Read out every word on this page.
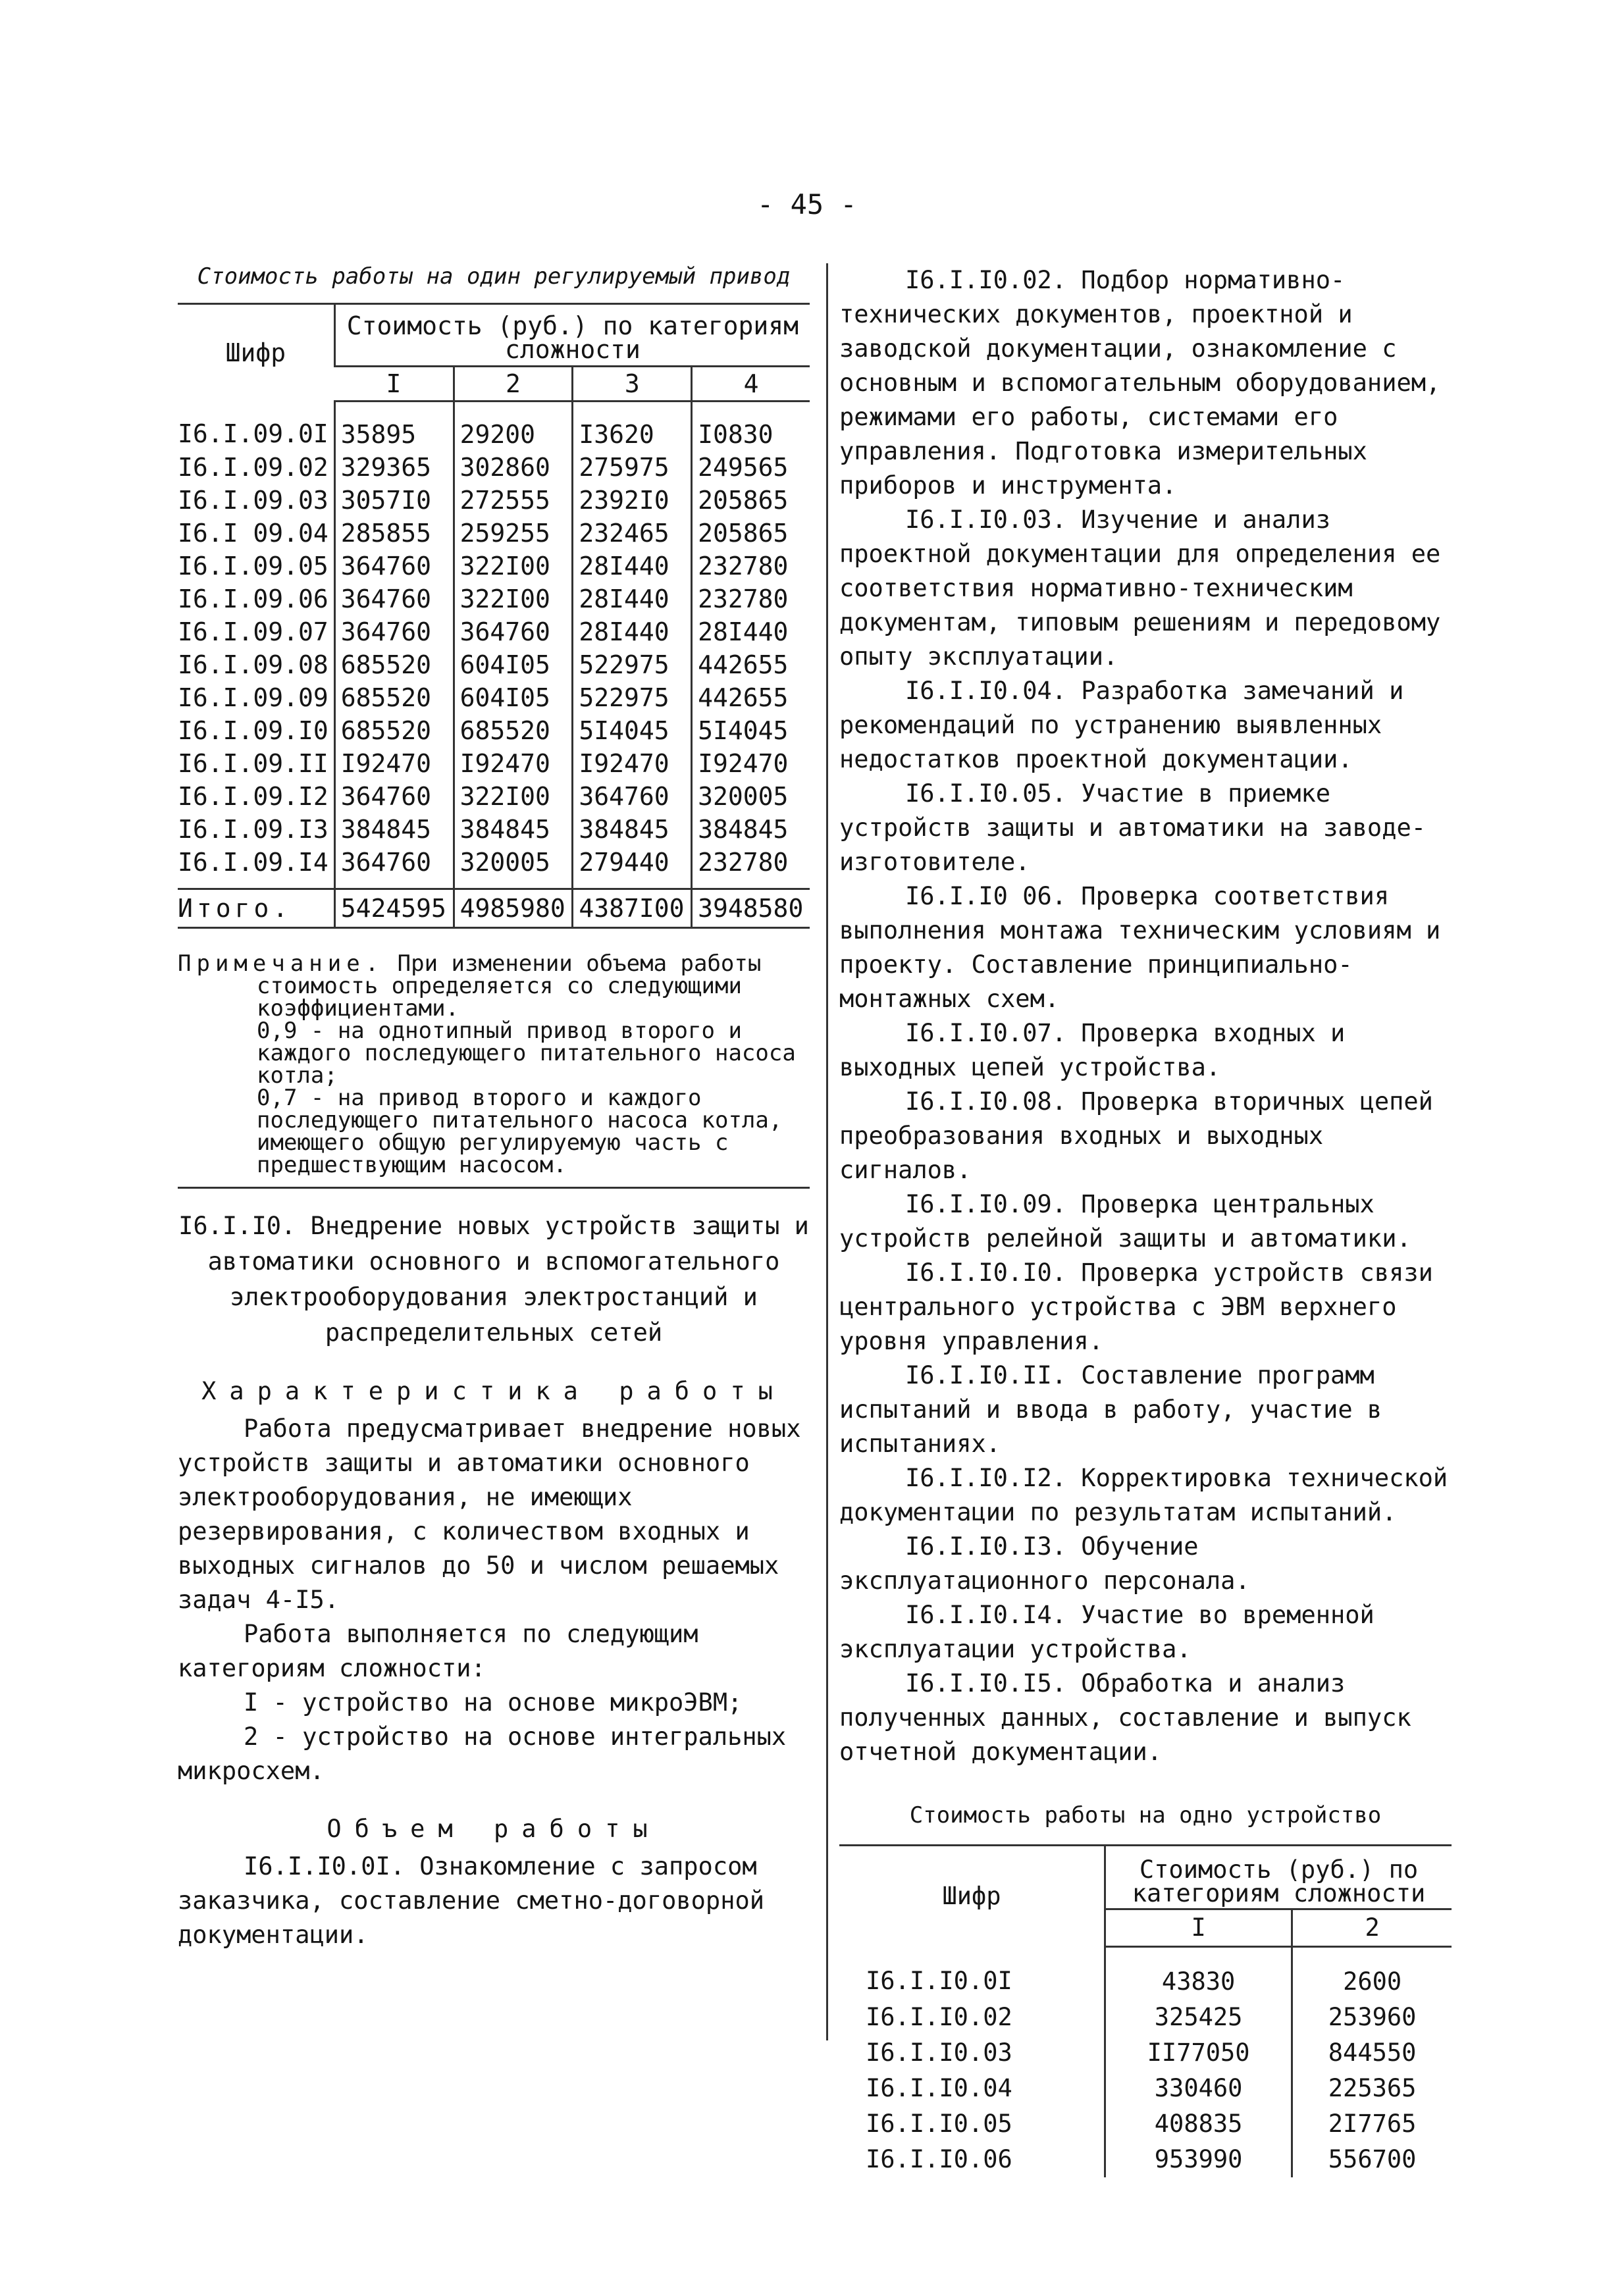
- 45 -

Стоимость работы на один регулируемый привод

Шифр	Стоимость (руб.) по категориям сложности			
	I	2	3	4
I6.I.09.0I	35895	29200	I3620	I0830
I6.I.09.02	329365	302860	275975	249565
I6.I.09.03	3057I0	272555	2392I0	205865
I6.I 09.04	285855	259255	232465	205865
I6.I.09.05	364760	322I00	28I440	232780
I6.I.09.06	364760	322I00	28I440	232780
I6.I.09.07	364760	364760	28I440	28I440
I6.I.09.08	685520	604I05	522975	442655
I6.I.09.09	685520	604I05	522975	442655
I6.I.09.I0	685520	685520	5I4045	5I4045
I6.I.09.II	I92470	I92470	I92470	I92470
I6.I.09.I2	364760	322I00	364760	320005
I6.I.09.I3	384845	384845	384845	384845
I6.I.09.I4	364760	320005	279440	232780
Итого.	5424595	4985980	4387I00	3948580
Примечание. При изменении объема работы стоимость определяется со следующими коэффициентами.
0,9 - на однотипный привод второго и каждого последующего питательного насоса котла;
0,7 - на привод второго и каждого последующего питательного насоса котла, имеющего общую регулируемую часть с предшествующим насосом.

I6.I.I0. Внедрение новых устройств защиты и автоматики основного и вспомогательного электрооборудования электростанций и распределительных сетей

Характеристика работы

Работа предусматривает внедрение новых устройств защиты и автоматики основного электрооборудования, не имеющих резервирования, с количеством входных и выходных сигналов до 50 и числом решаемых задач 4-I5.

Работа выполняется по следующим категориям сложности:

I - устройство на основе микроЭВМ;

2 - устройство на основе интегральных микросхем.

Объем работы

I6.I.I0.0I. Ознакомление с запросом заказчика, составление сметно-договорной документации.

I6.I.I0.02. Подбор нормативно-технических документов, проектной и заводской документации, ознакомление с основным и вспомогательным оборудованием, режимами его работы, системами его управления. Подготовка измерительных приборов и инструмента.

I6.I.I0.03. Изучение и анализ проектной документации для определения ее соответствия нормативно-техническим документам, типовым решениям и передовому опыту эксплуатации.

I6.I.I0.04. Разработка замечаний и рекомендаций по устранению выявленных недостатков проектной документации.

I6.I.I0.05. Участие в приемке устройств защиты и автоматики на заводе-изготовителе.

I6.I.I0 06. Проверка соответствия выполнения монтажа техническим условиям и проекту. Составление принципиально-монтажных схем.

I6.I.I0.07. Проверка входных и выходных цепей устройства.

I6.I.I0.08. Проверка вторичных цепей преобразования входных и выходных сигналов.

I6.I.I0.09. Проверка центральных устройств релейной защиты и автоматики.

I6.I.I0.I0. Проверка устройств связи центрального устройства с ЭВМ верхнего уровня управления.

I6.I.I0.II. Составление программ испытаний и ввода в работу, участие в испытаниях.

I6.I.I0.I2. Корректировка технической документации по результатам испытаний.

I6.I.I0.I3. Обучение эксплуатационного персонала.

I6.I.I0.I4. Участие во временной эксплуатации устройства.

I6.I.I0.I5. Обработка и анализ полученных данных, составление и выпуск отчетной документации.

Стоимость работы на одно устройство

Шифр	Стоимость (руб.) по категориям сложности	
	I	2
I6.I.I0.0I	43830	2600
I6.I.I0.02	325425	253960
I6.I.I0.03	II77050	844550
I6.I.I0.04	330460	225365
I6.I.I0.05	408835	2I7765
I6.I.I0.06	953990	556700
